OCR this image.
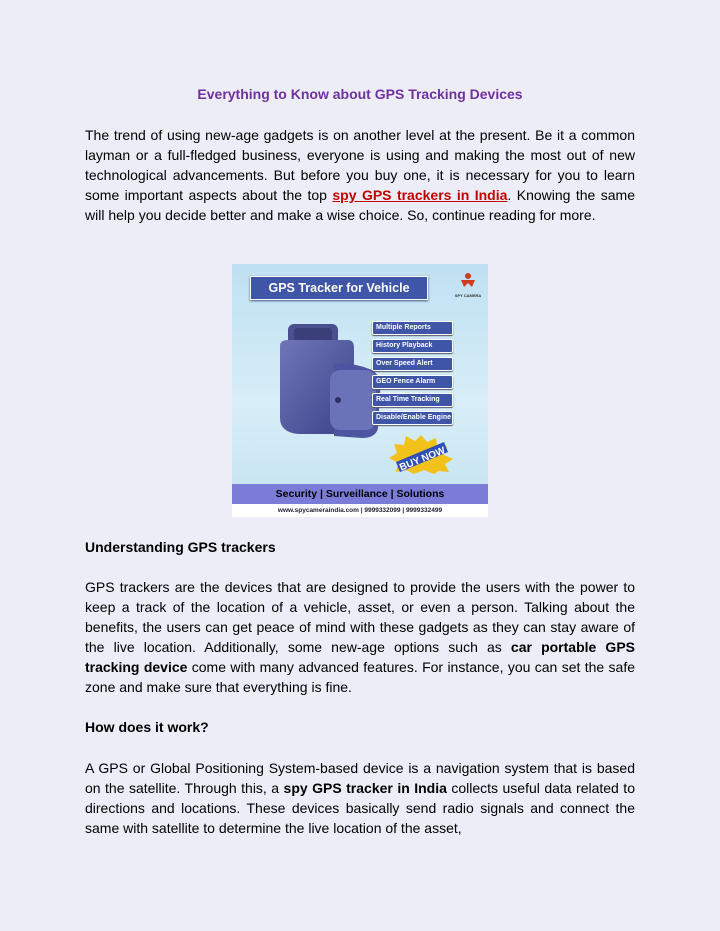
Everything to Know about GPS Tracking Devices

The trend of using new-age gadgets is on another level at the present. Be it a common layman or a full-fledged business, everyone is using and making the most out of new technological advancements. But before you buy one, it is necessary for you to learn some important aspects about the top spy GPS trackers in India. Knowing the same will help you decide better and make a wise choice. So, continue reading for more.

GPS Tracker for Vehicle
SPY CAMERA
Multiple Reports
History Playback
Over Speed Alert
GEO Fence Alarm
Real Time Tracking
Disable/Enable Engine
BUY NOW
Security | Surveillance | Solutions
www.spycameraindia.com | 9999332099 | 9999332499
Understanding GPS trackers

GPS trackers are the devices that are designed to provide the users with the power to keep a track of the location of a vehicle, asset, or even a person. Talking about the benefits, the users can get peace of mind with these gadgets as they can stay aware of the live location. Additionally, some new-age options such as car portable GPS tracking device come with many advanced features. For instance, you can set the safe zone and make sure that everything is fine.

How does it work?

A GPS or Global Positioning System-based device is a navigation system that is based on the satellite. Through this, a spy GPS tracker in India collects useful data related to directions and locations. These devices basically send radio signals and connect the same with satellite to determine the live location of the asset,
